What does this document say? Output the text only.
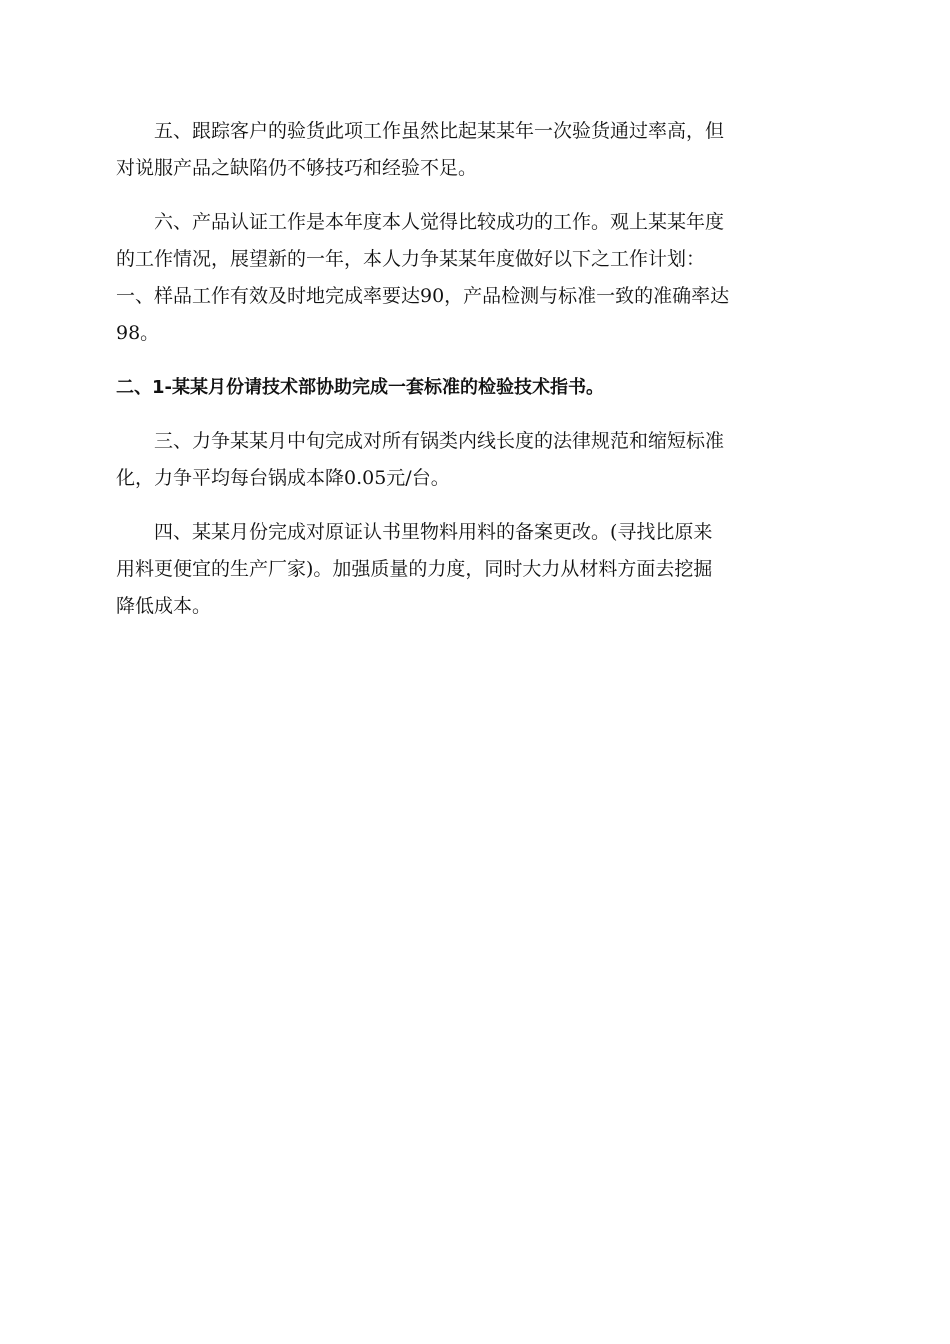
五、跟踪客户的验货此项工作虽然比起某某年一次验货通过率高，但
对说服产品之缺陷仍不够技巧和经验不足。

六、产品认证工作是本年度本人觉得比较成功的工作。观上某某年度
的工作情况，展望新的一年，本人力争某某年度做好以下之工作计划：
一、样品工作有效及时地完成率要达90，产品检测与标准一致的准确率达
98。

二、1-某某月份请技术部协助完成一套标准的检验技术指书。

三、力争某某月中旬完成对所有锅类内线长度的法律规范和缩短标准
化，力争平均每台锅成本降0.05元/台。

四、某某月份完成对原证认书里物料用料的备案更改。(寻找比原来
用料更便宜的生产厂家)。加强质量的力度，同时大力从材料方面去挖掘
降低成本。
